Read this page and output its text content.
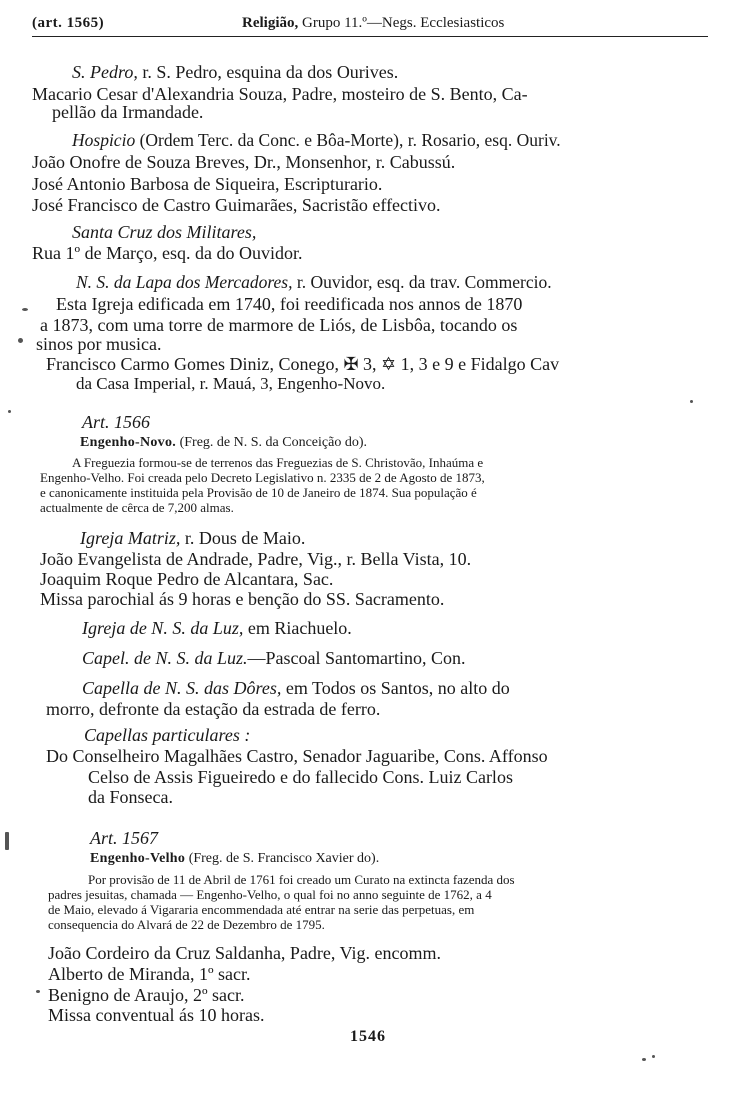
(art. 1565)	Religião, Grupo 11.º—Negs. Ecclesiasticos
S. Pedro, r. S. Pedro, esquina da dos Ourives.
Macario Cesar d'Alexandria Souza, Padre, mosteiro de S. Bento, Ca-
pellão da Irmandade.
Hospicio (Ordem Terc. da Conc. e Bôa-Morte), r. Rosario, esq. Ouriv.
João Onofre de Souza Breves, Dr., Monsenhor, r. Cabussú.
José Antonio Barbosa de Siqueira, Escripturario.
José Francisco de Castro Guimarães, Sacristão effectivo.
Santa Cruz dos Militares,
Rua 1º de Março, esq. da do Ouvidor.
N. S. da Lapa dos Mercadores, r. Ouvidor, esq. da trav. Commercio.
Esta Igreja edificada em 1740, foi reedificada nos annos de 1870
a 1873, com uma torre de marmore de Liós, de Lisbôa, tocando os
sinos por musica.
Francisco Carmo Gomes Diniz, Conego, ✠ 3, ✡ 1, 3 e 9 e Fidalgo Cav
da Casa Imperial, r. Mauá, 3, Engenho-Novo.
Art. 1566
Engenho-Novo. (Freg. de N. S. da Conceição do).
A Freguezia formou-se de terrenos das Freguezias de S. Christovão, Inhaúma e
Engenho-Velho. Foi creada pelo Decreto Legislativo n. 2335 de 2 de Agosto de 1873,
e canonicamente instituida pela Provisão de 10 de Janeiro de 1874. Sua população é
actualmente de cêrca de 7,200 almas.
Igreja Matriz, r. Dous de Maio.
João Evangelista de Andrade, Padre, Vig., r. Bella Vista, 10.
Joaquim Roque Pedro de Alcantara, Sac.
Missa parochial ás 9 horas e benção do SS. Sacramento.
Igreja de N. S. da Luz, em Riachuelo.
Capel. de N. S. da Luz.—Pascoal Santomartino, Con.
Capella de N. S. das Dôres, em Todos os Santos, no alto do
morro, defronte da estação da estrada de ferro.
Capellas particulares :
Do Conselheiro Magalhães Castro, Senador Jaguaribe, Cons. Affonso
Celso de Assis Figueiredo e do fallecido Cons. Luiz Carlos
da Fonseca.
Art. 1567
Engenho-Velho (Freg. de S. Francisco Xavier do).
Por provisão de 11 de Abril de 1761 foi creado um Curato na extincta fazenda dos
padres jesuitas, chamada — Engenho-Velho, o qual foi no anno seguinte de 1762, a 4
de Maio, elevado á Vigararia encommendada até entrar na serie das perpetuas, em
consequencia do Alvará de 22 de Dezembro de 1795.
João Cordeiro da Cruz Saldanha, Padre, Vig. encomm.
Alberto de Miranda, 1º sacr.
Benigno de Araujo, 2º sacr.
Missa conventual ás 10 horas.
1546
